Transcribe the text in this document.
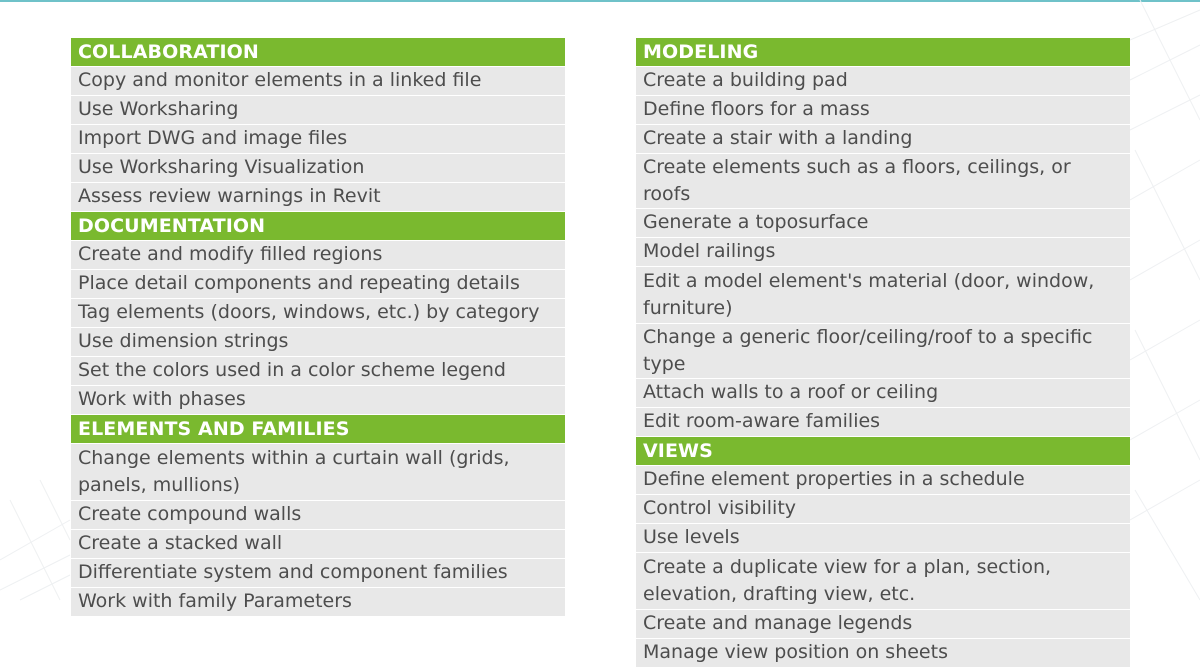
COLLABORATION
Copy and monitor elements in a linked file
Use Worksharing
Import DWG and image files
Use Worksharing Visualization
Assess review warnings in Revit
DOCUMENTATION
Create and modify filled regions
Place detail components and repeating details
Tag elements (doors, windows, etc.) by category
Use dimension strings
Set the colors used in a color scheme legend
Work with phases
ELEMENTS AND FAMILIES
Change elements within a curtain wall (grids, panels, mullions)
Create compound walls
Create a stacked wall
Differentiate system and component families
Work with family Parameters
MODELING
Create a building pad
Define floors for a mass
Create a stair with a landing
Create elements such as a floors, ceilings, or roofs
Generate a toposurface
Model railings
Edit a model element's material (door, window, furniture)
Change a generic floor/ceiling/roof to a specific type
Attach walls to a roof or ceiling
Edit room-aware families
VIEWS
Define element properties in a schedule
Control visibility
Use levels
Create a duplicate view for a plan, section, elevation, drafting view, etc.
Create and manage legends
Manage view position on sheets
